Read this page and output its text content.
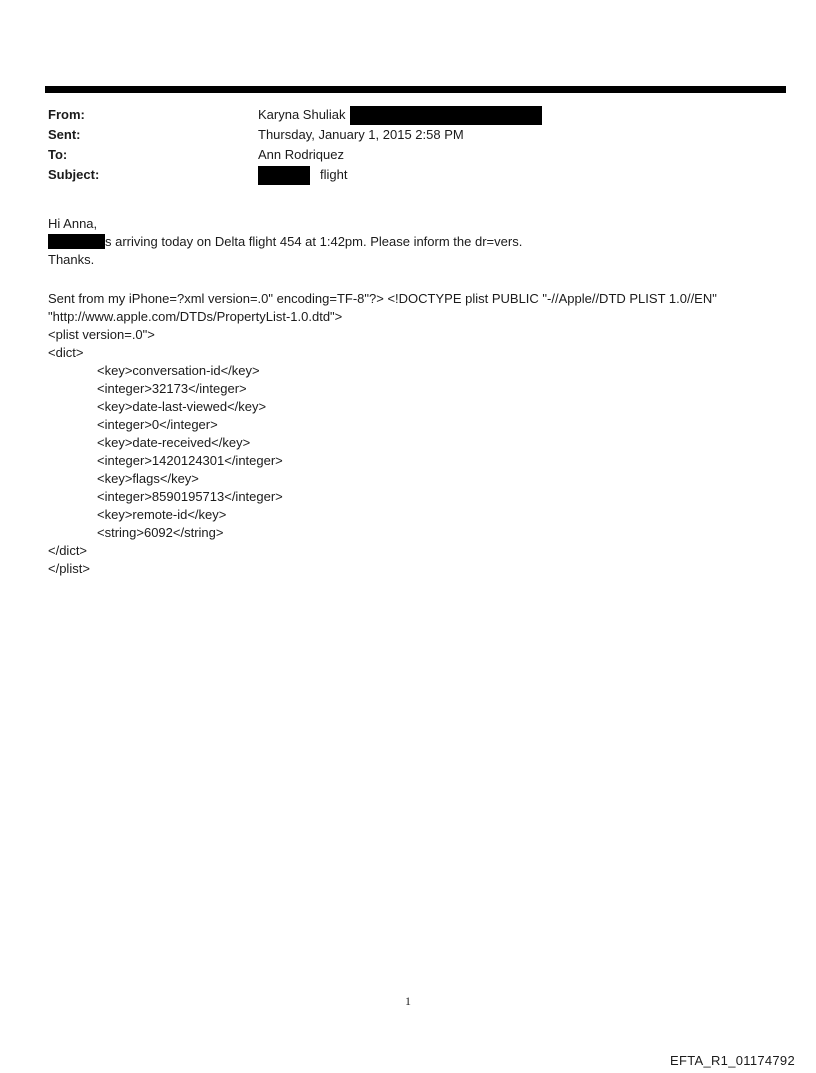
From:	Karyna Shuliak
Sent:	Thursday, January 1, 2015 2:58 PM
To:	Ann Rodriquez
Subject:	flight
Hi Anna,
s arriving today on Delta flight 454 at 1:42pm. Please inform the dr=vers.
Thanks.
Sent from my iPhone=?xml version=.0" encoding=TF-8"?> <!DOCTYPE plist PUBLIC "-//Apple//DTD PLIST 1.0//EN"
"http://www.apple.com/DTDs/PropertyList-1.0.dtd">
<plist version=.0">
<dict>
<key>conversation-id</key>
<integer>32173</integer>
<key>date-last-viewed</key>
<integer>0</integer>
<key>date-received</key>
<integer>1420124301</integer>
<key>flags</key>
<integer>8590195713</integer>
<key>remote-id</key>
<string>6092</string>
</dict>
</plist>
1
EFTA_R1_01174792
